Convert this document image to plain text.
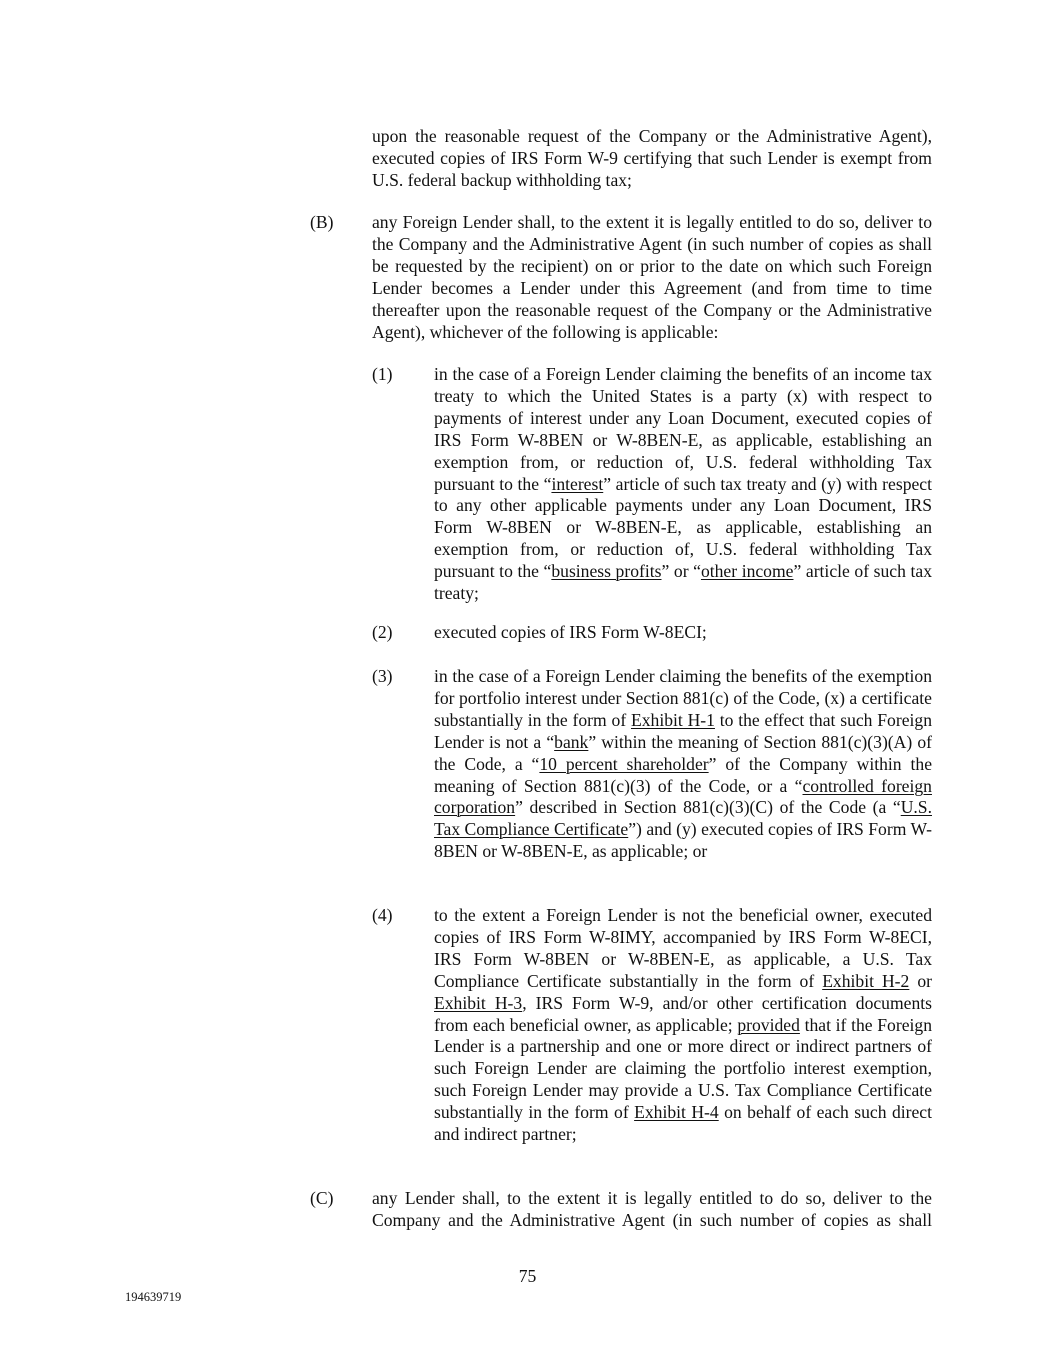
upon the reasonable request of the Company or the Administrative Agent), executed copies of IRS Form W-9 certifying that such Lender is exempt from U.S. federal backup withholding tax;
(B) any Foreign Lender shall, to the extent it is legally entitled to do so, deliver to the Company and the Administrative Agent (in such number of copies as shall be requested by the recipient) on or prior to the date on which such Foreign Lender becomes a Lender under this Agreement (and from time to time thereafter upon the reasonable request of the Company or the Administrative Agent), whichever of the following is applicable:
(1) in the case of a Foreign Lender claiming the benefits of an income tax treaty to which the United States is a party (x) with respect to payments of interest under any Loan Document, executed copies of IRS Form W-8BEN or W-8BEN-E, as applicable, establishing an exemption from, or reduction of, U.S. federal withholding Tax pursuant to the “interest” article of such tax treaty and (y) with respect to any other applicable payments under any Loan Document, IRS Form W-8BEN or W-8BEN-E, as applicable, establishing an exemption from, or reduction of, U.S. federal withholding Tax pursuant to the “business profits” or “other income” article of such tax treaty;
(2) executed copies of IRS Form W-8ECI;
(3) in the case of a Foreign Lender claiming the benefits of the exemption for portfolio interest under Section 881(c) of the Code, (x) a certificate substantially in the form of Exhibit H-1 to the effect that such Foreign Lender is not a “bank” within the meaning of Section 881(c)(3)(A) of the Code, a “10 percent shareholder” of the Company within the meaning of Section 881(c)(3) of the Code, or a “controlled foreign corporation” described in Section 881(c)(3)(C) of the Code (a “U.S. Tax Compliance Certificate”) and (y) executed copies of IRS Form W-8BEN or W-8BEN-E, as applicable; or
(4) to the extent a Foreign Lender is not the beneficial owner, executed copies of IRS Form W-8IMY, accompanied by IRS Form W-8ECI, IRS Form W-8BEN or W-8BEN-E, as applicable, a U.S. Tax Compliance Certificate substantially in the form of Exhibit H-2 or Exhibit H-3, IRS Form W-9, and/or other certification documents from each beneficial owner, as applicable; provided that if the Foreign Lender is a partnership and one or more direct or indirect partners of such Foreign Lender are claiming the portfolio interest exemption, such Foreign Lender may provide a U.S. Tax Compliance Certificate substantially in the form of Exhibit H-4 on behalf of each such direct and indirect partner;
(C) any Lender shall, to the extent it is legally entitled to do so, deliver to the Company and the Administrative Agent (in such number of copies as shall
75
194639719
